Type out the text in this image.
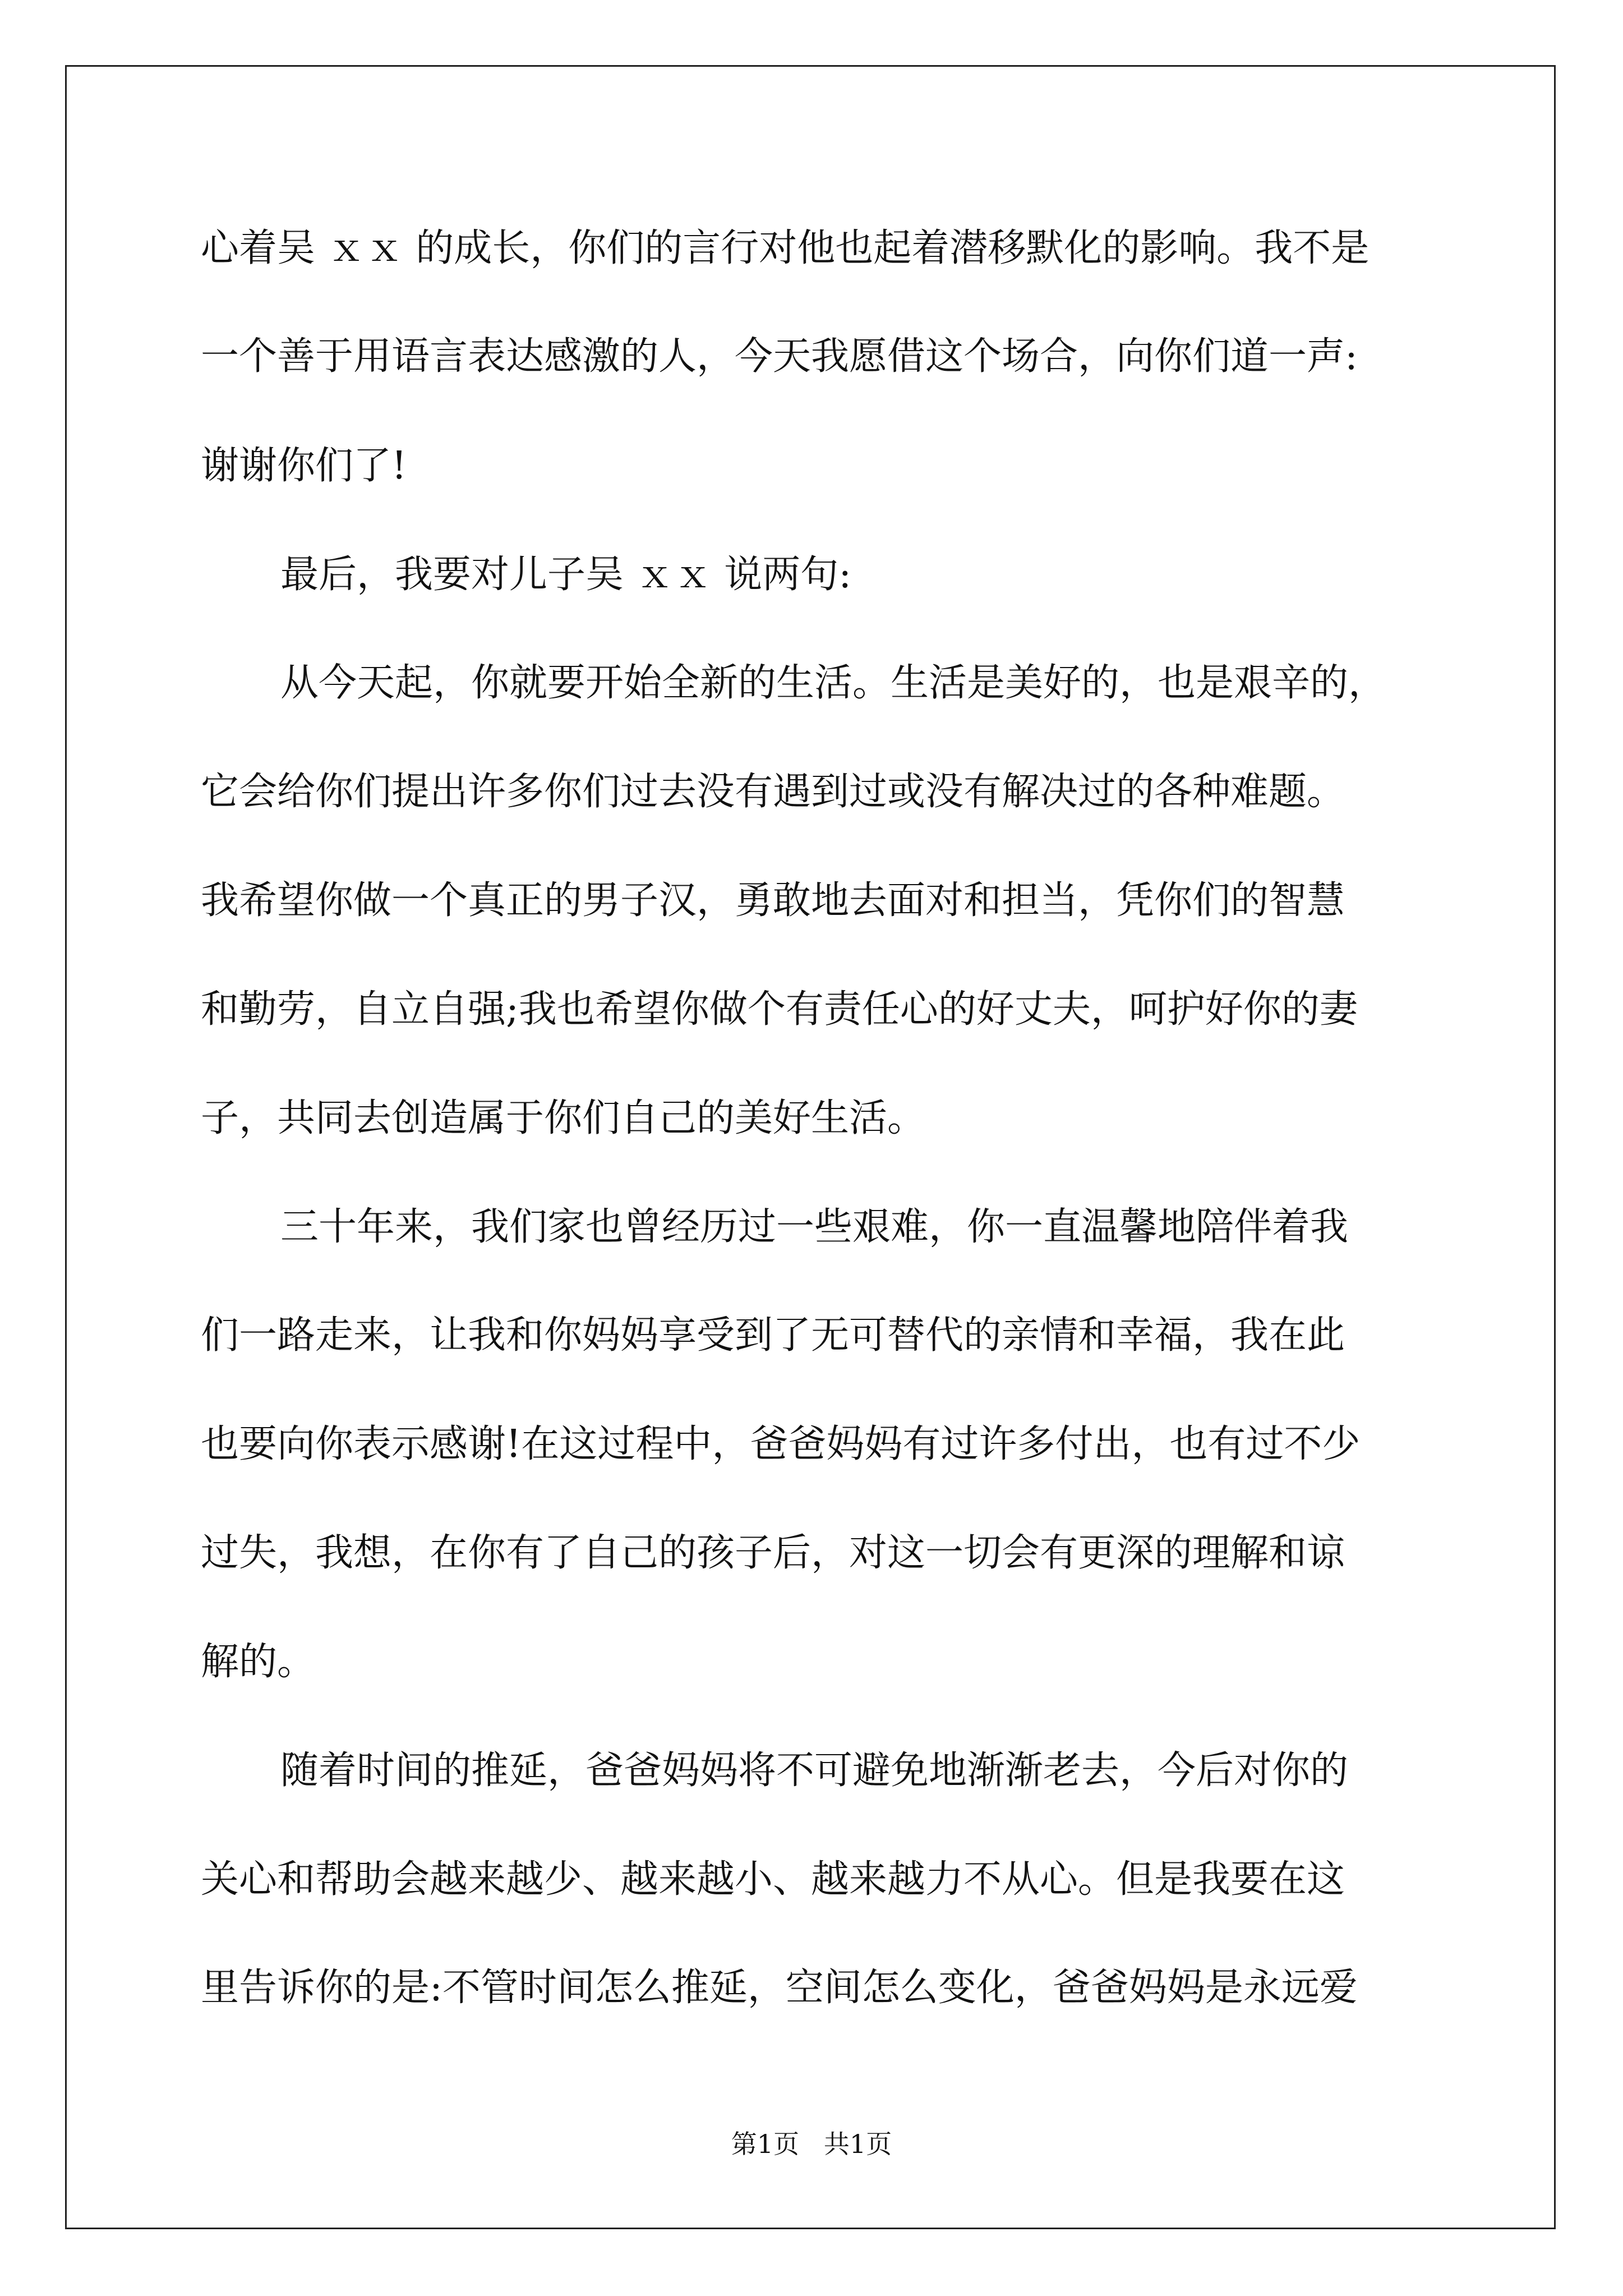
心着吴 ｘｘ 的成长，你们的言行对他也起着潜移默化的影响。我不是
一个善于用语言表达感激的人，今天我愿借这个场合，向你们道一声:
谢谢你们了!
最后，我要对儿子吴 ｘｘ 说两句:
从今天起，你就要开始全新的生活。生活是美好的，也是艰辛的，
它会给你们提出许多你们过去没有遇到过或没有解决过的各种难题。
我希望你做一个真正的男子汉，勇敢地去面对和担当，凭你们的智慧
和勤劳，自立自强;我也希望你做个有责任心的好丈夫，呵护好你的妻
子，共同去创造属于你们自己的美好生活。
三十年来，我们家也曾经历过一些艰难，你一直温馨地陪伴着我
们一路走来，让我和你妈妈享受到了无可替代的亲情和幸福，我在此
也要向你表示感谢!在这过程中，爸爸妈妈有过许多付出，也有过不少
过失，我想，在你有了自己的孩子后，对这一切会有更深的理解和谅
解的。
随着时间的推延，爸爸妈妈将不可避免地渐渐老去，今后对你的
关心和帮助会越来越少、越来越小、越来越力不从心。但是我要在这
里告诉你的是:不管时间怎么推延，空间怎么变化，爸爸妈妈是永远爱
第1页   共1页
